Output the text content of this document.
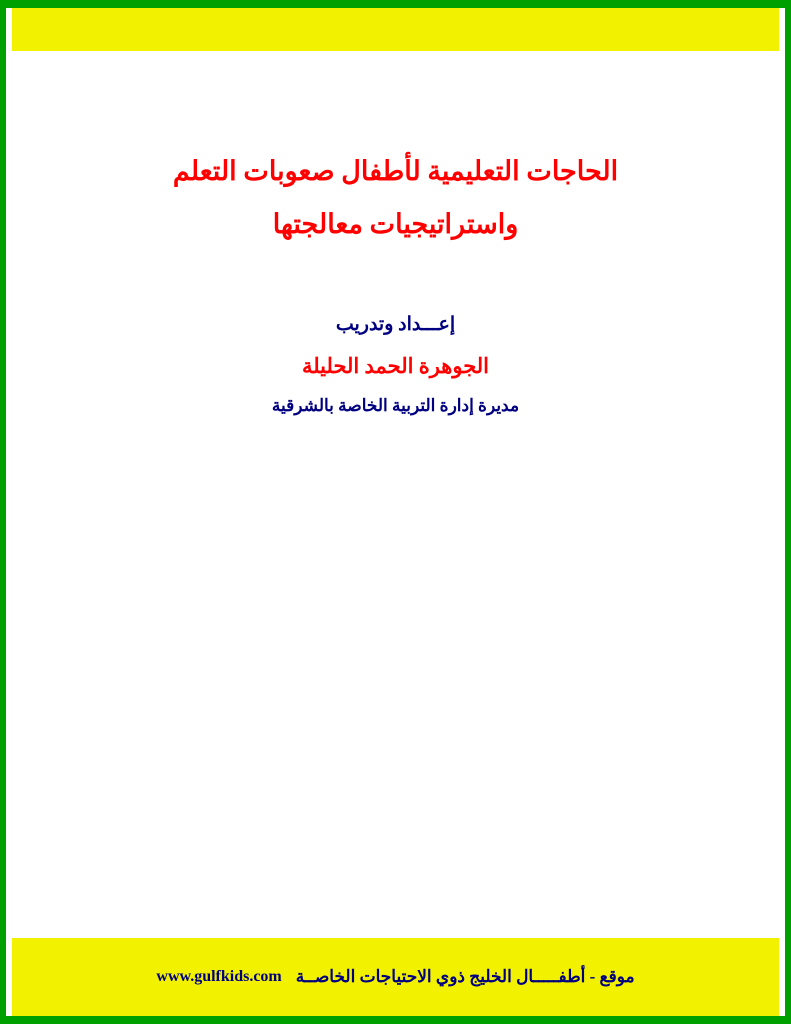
الحاجات التعليمية لأطفال صعوبات التعلم
واستراتيجيات معالجتها
إعـــداد وتدريب
الجوهرة الحمد الحليلة
مديرة إدارة التربية الخاصة بالشرقية
موقع - أطفـــــال الخليج ذوي الاحتياجات الخاصــة
www.gulfkids.com
